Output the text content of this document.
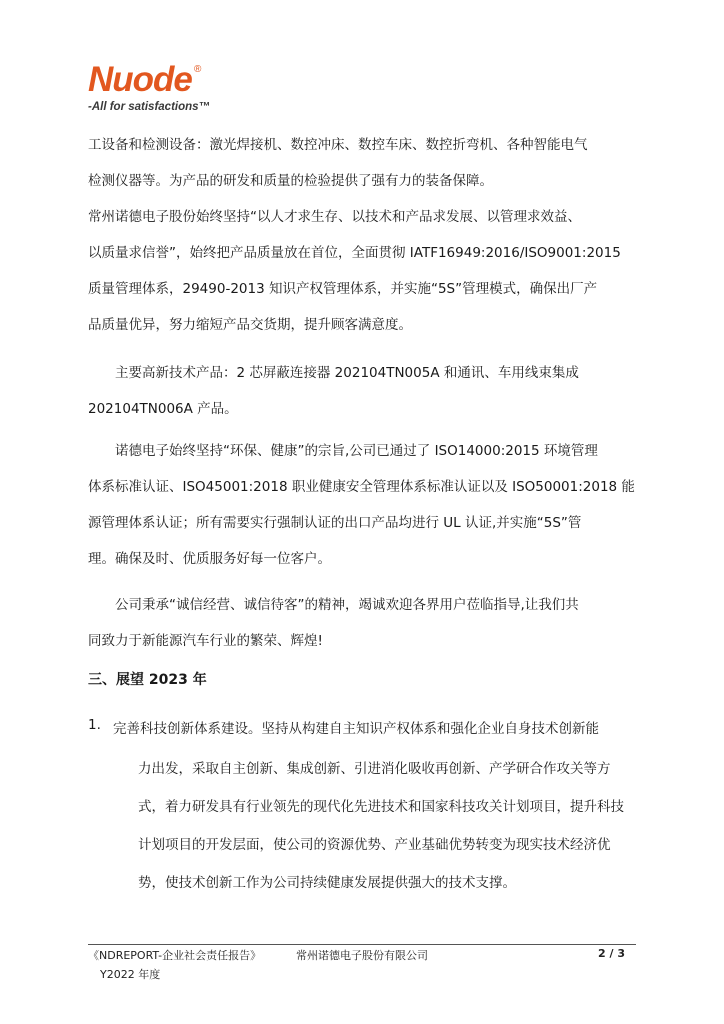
Nuode ®
-All for satisfactions™
工设备和检测设备：激光焊接机、数控冲床、数控车床、数控折弯机、各种智能电气
检测仪器等。为产品的研发和质量的检验提供了强有力的装备保障。
常州诺德电子股份始终坚持“以人才求生存、以技术和产品求发展、以管理求效益、
以质量求信誉”，始终把产品质量放在首位，全面贯彻 IATF16949:2016/ISO9001:2015
质量管理体系，29490-2013 知识产权管理体系，并实施“5S”管理模式，确保出厂产
品质量优异，努力缩短产品交货期，提升顾客满意度。
主要高新技术产品：2 芯屏蔽连接器 202104TN005A 和通讯、车用线束集成
202104TN006A 产品。
诺德电子始终坚持“环保、健康”的宗旨,公司已通过了 ISO14000:2015 环境管理
体系标准认证、ISO45001:2018 职业健康安全管理体系标准认证以及 ISO50001:2018 能
源管理体系认证；所有需要实行强制认证的出口产品均进行 UL 认证,并实施“5S”管
理。确保及时、优质服务好每一位客户。
公司秉承“诚信经营、诚信待客”的精神，竭诚欢迎各界用户莅临指导,让我们共
同致力于新能源汽车行业的繁荣、辉煌!
三、展望 2023 年
1. 完善科技创新体系建设。坚持从构建自主知识产权体系和强化企业自身技术创新能
力出发，采取自主创新、集成创新、引进消化吸收再创新、产学研合作攻关等方
式，着力研发具有行业领先的现代化先进技术和国家科技攻关计划项目，提升科技
计划项目的开发层面，使公司的资源优势、产业基础优势转变为现实技术经济优
势，使技术创新工作为公司持续健康发展提供强大的技术支撑。
《NDREPORT-企业社会责任报告》
Y2022 年度
常州诺德电子股份有限公司	2 / 3
